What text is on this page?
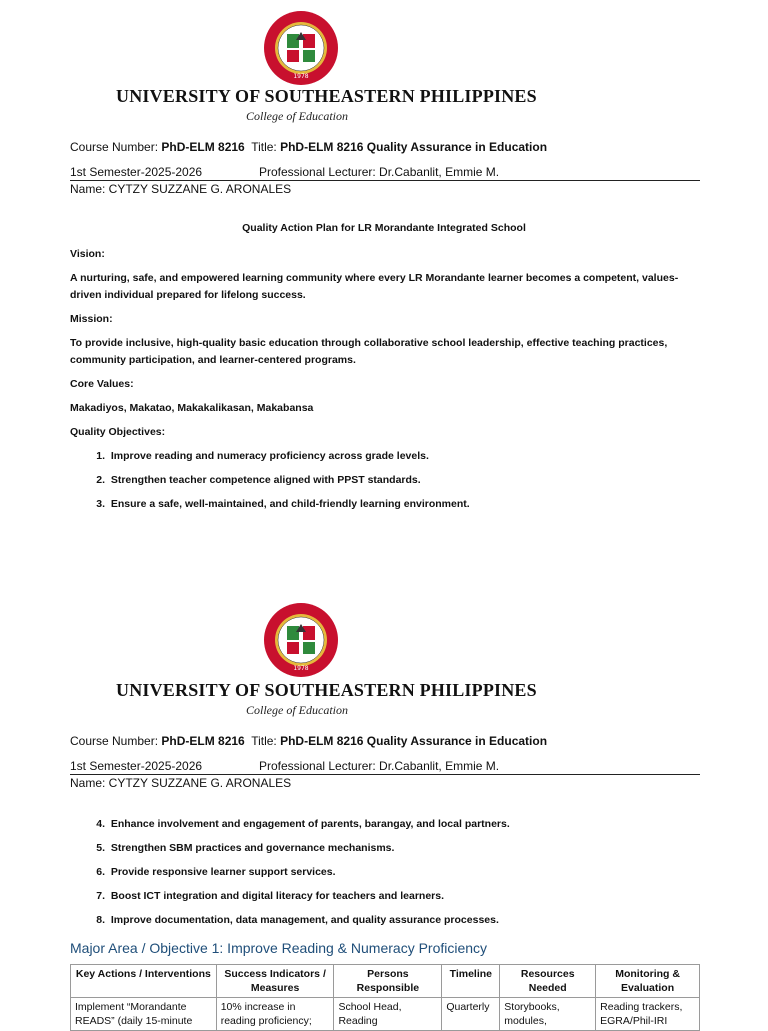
1978
UNIVERSITY OF SOUTHEASTERN PHILIPPINES
College of Education
Course Number: PhD-ELM 8216 Title: PhD-ELM 8216 Quality Assurance in Education
1st Semester-2025-2026	Professional Lecturer: Dr.Cabanlit, Emmie M.
Name: CYTZY SUZZANE G. ARONALES
Quality Action Plan for LR Morandante Integrated School
Vision:
A nurturing, safe, and empowered learning community where every LR Morandante learner becomes a competent, values-driven individual prepared for lifelong success.
Mission:
To provide inclusive, high-quality basic education through collaborative school leadership, effective teaching practices, community participation, and learner-centered programs.
Core Values:
Makadiyos, Makatao, Makakalikasan, Makabansa
Quality Objectives:
1. Improve reading and numeracy proficiency across grade levels.
2. Strengthen teacher competence aligned with PPST standards.
3. Ensure a safe, well-maintained, and child-friendly learning environment.
1978
UNIVERSITY OF SOUTHEASTERN PHILIPPINES
College of Education
Course Number: PhD-ELM 8216 Title: PhD-ELM 8216 Quality Assurance in Education
1st Semester-2025-2026	Professional Lecturer: Dr.Cabanlit, Emmie M.
Name: CYTZY SUZZANE G. ARONALES
4. Enhance involvement and engagement of parents, barangay, and local partners.
5. Strengthen SBM practices and governance mechanisms.
6. Provide responsive learner support services.
7. Boost ICT integration and digital literacy for teachers and learners.
8. Improve documentation, data management, and quality assurance processes.
Major Area / Objective 1: Improve Reading & Numeracy Proficiency
Key Actions / Interventions	Success Indicators / Measures	Persons Responsible	Timeline	Resources Needed	Monitoring & Evaluation
Implement “Morandante READS” (daily 15-minute	10% increase in reading proficiency;	School Head, Reading	Quarterly	Storybooks, modules,	Reading trackers, EGRA/Phil-IRI
